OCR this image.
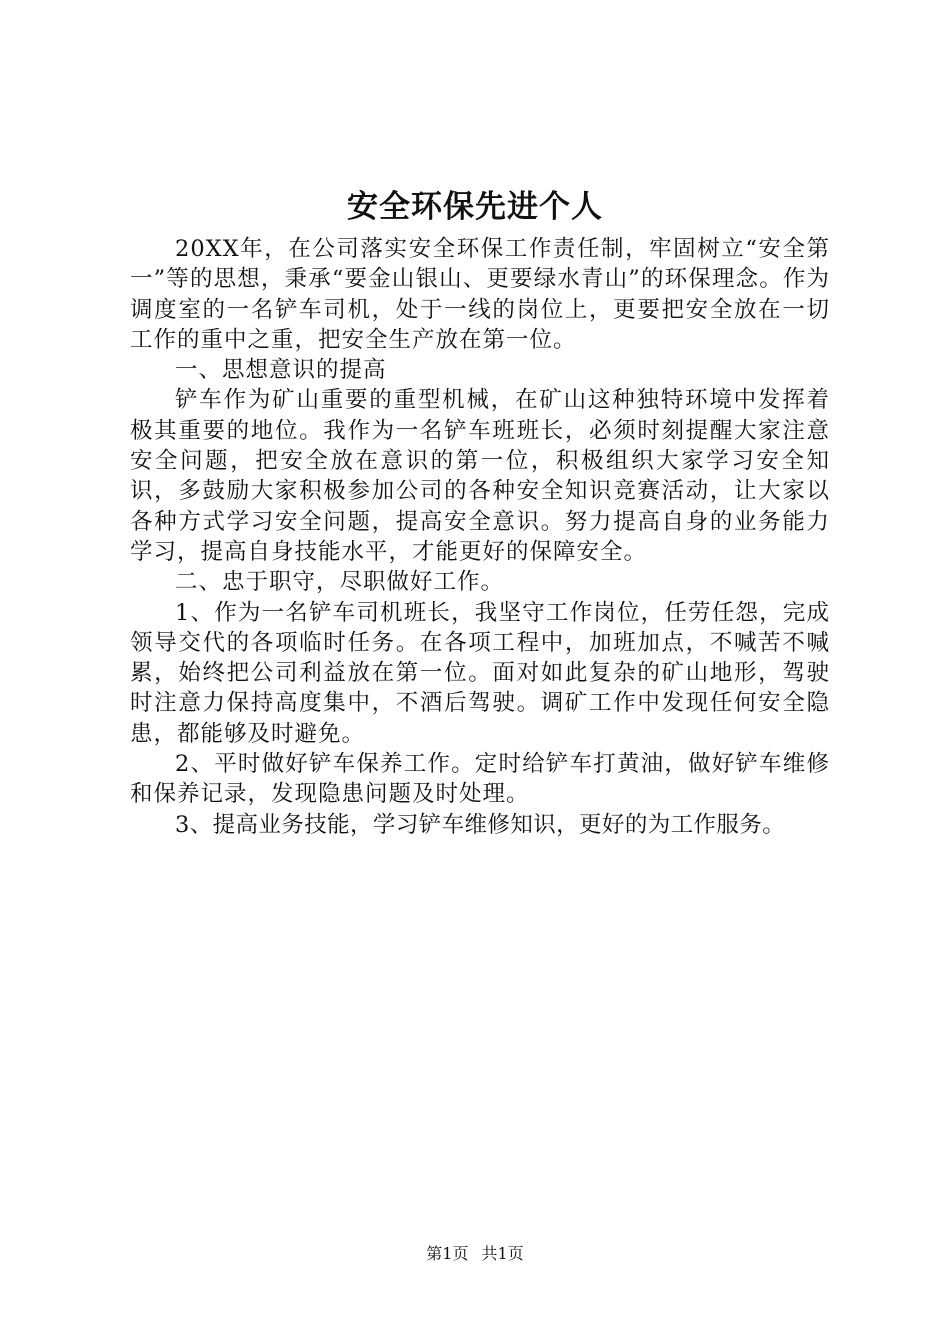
安全环保先进个人

20XX年，在公司落实安全环保工作责任制，牢固树立“安全第一”等的思想，秉承“要金山银山、更要绿水青山”的环保理念。作为调度室的一名铲车司机，处于一线的岗位上，更要把安全放在一切工作的重中之重，把安全生产放在第一位。

一、思想意识的提高

铲车作为矿山重要的重型机械，在矿山这种独特环境中发挥着极其重要的地位。我作为一名铲车班班长，必须时刻提醒大家注意安全问题，把安全放在意识的第一位，积极组织大家学习安全知识，多鼓励大家积极参加公司的各种安全知识竞赛活动，让大家以各种方式学习安全问题，提高安全意识。努力提高自身的业务能力学习，提高自身技能水平，才能更好的保障安全。

二、忠于职守，尽职做好工作。

1、作为一名铲车司机班长，我坚守工作岗位，任劳任怨，完成领导交代的各项临时任务。在各项工程中，加班加点，不喊苦不喊累，始终把公司利益放在第一位。面对如此复杂的矿山地形，驾驶时注意力保持高度集中，不酒后驾驶。调矿工作中发现任何安全隐患，都能够及时避免。

2、平时做好铲车保养工作。定时给铲车打黄油，做好铲车维修和保养记录，发现隐患问题及时处理。

3、提高业务技能，学习铲车维修知识，更好的为工作服务。

第1页 共1页
